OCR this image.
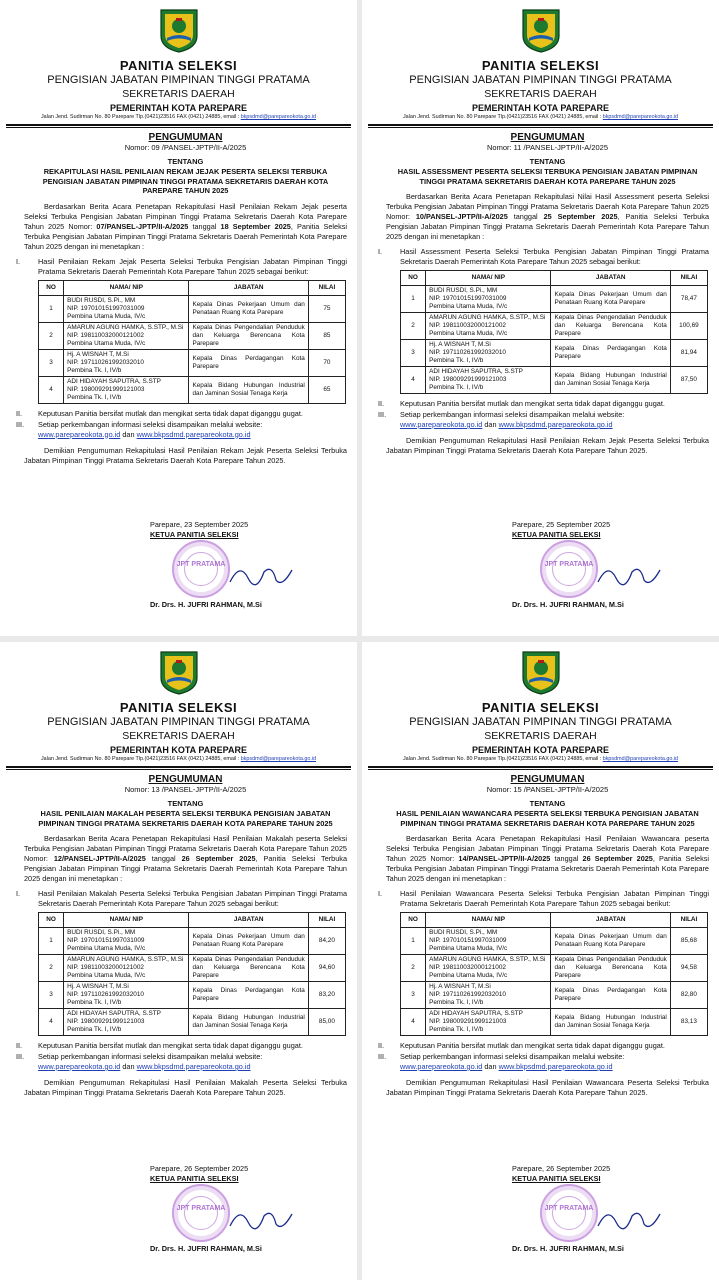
PANITIA SELEKSI
PENGISIAN JABATAN PIMPINAN TINGGI PRATAMA
SEKRETARIS DAERAH
PEMERINTAH KOTA PAREPARE
Jalan Jend. Sudirman No. 80 Parepare Tlp.(0421)23516 FAX (0421) 24885, email : bkpsdmd@parepareokota.go.id
PENGUMUMAN
Nomor: 09 /PANSEL-JPTP/II-A/2025
TENTANG
REKAPITULASI HASIL PENILAIAN REKAM JEJAK PESERTA SELEKSI TERBUKA PENGISIAN JABATAN PIMPINAN TINGGI PRATAMA SEKRETARIS DAERAH KOTA PAREPARE TAHUN 2025
Berdasarkan Berita Acara Penetapan Rekapitulasi Hasil Penilaian Rekam Jejak peserta Seleksi Terbuka Pengisian Jabatan Pimpinan Tinggi Pratama Sekretaris Daerah Kota Parepare Tahun 2025 Nomor: 07/PANSEL-JPTP/II-A/2025 tanggal 18 September 2025, Panitia Seleksi Terbuka Pengisian Jabatan Pimpinan Tinggi Pratama Sekretaris Daerah Pemerintah Kota Parepare Tahun 2025 dengan ini menetapkan :
I. Hasil Penilaian Rekam Jejak Peserta Seleksi Terbuka Pengisian Jabatan Pimpinan Tinggi Pratama Sekretaris Daerah Pemerintah Kota Parepare Tahun 2025 sebagai berikut:
NO	NAMA/ NIP	JABATAN	NILAI
1	BUDI RUSDI, S.Pi., MM
NIP. 197010151997031009
Pembina Utama Muda, IV/c	Kepala Dinas Pekerjaan Umum dan Penataan Ruang Kota Parepare	75
2	AMARUN AGUNG HAMKA, S.STP., M.Si
NIP. 198110032000121002
Pembina Utama Muda, IV/c	Kepala Dinas Pengendalian Penduduk dan Keluarga Berencana Kota Parepare	85
3	Hj. A WISNAH T, M.Si
NIP. 197110261992032010
Pembina Tk. I, IV/b	Kepala Dinas Perdagangan Kota Parepare	70
4	ADI HIDAYAH SAPUTRA, S.STP
NIP. 198009291999121003
Pembina Tk. I, IV/b	Kepala Bidang Hubungan Industrial dan Jaminan Sosial Tenaga Kerja	65
II. Keputusan Panitia bersifat mutlak dan mengikat serta tidak dapat diganggu gugat.
III. Setiap perkembangan informasi seleksi disampaikan melalui website:
www.parepareokota.go.id dan www.bkpsdmd.parepareokota.go.id
Demikian Pengumuman Rekapitulasi Hasil Penilaian Rekam Jejak Peserta Seleksi Terbuka Jabatan Pimpinan Tinggi Pratama Sekretaris Daerah Kota Parepare Tahun 2025.
Parepare, 23 September 2025
KETUA PANITIA SELEKSI
Dr. Drs. H. JUFRI RAHMAN, M.Si
JPT PRATAMA
PANITIA SELEKSI
PENGISIAN JABATAN PIMPINAN TINGGI PRATAMA
SEKRETARIS DAERAH
PEMERINTAH KOTA PAREPARE
Jalan Jend. Sudirman No. 80 Parepare Tlp.(0421)23516 FAX (0421) 24885, email : bkpsdmd@parepareokota.go.id
PENGUMUMAN
Nomor: 11 /PANSEL-JPTP/II-A/2025
TENTANG
HASIL ASSESSMENT PESERTA SELEKSI TERBUKA PENGISIAN JABATAN PIMPINAN TINGGI PRATAMA SEKRETARIS DAERAH KOTA PAREPARE TAHUN 2025
Berdasarkan Berita Acara Penetapan Rekapitulasi Nilai Hasil Assessment peserta Seleksi Terbuka Pengisian Jabatan Pimpinan Tinggi Pratama Sekretaris Daerah Kota Parepare Tahun 2025 Nomor: 10/PANSEL-JPTP/II-A/2025 tanggal 25 September 2025, Panitia Seleksi Terbuka Pengisian Jabatan Pimpinan Tinggi Pratama Sekretaris Daerah Pemerintah Kota Parepare Tahun 2025 dengan ini menetapkan :
I. Hasil Assessment Peserta Seleksi Terbuka Pengisian Jabatan Pimpinan Tinggi Pratama Sekretaris Daerah Pemerintah Kota Parepare Tahun 2025 sebagai berikut:
NO	NAMA/ NIP	JABATAN	NILAI
1	BUDI RUSDI, S.Pi., MM
NIP. 197010151997031009
Pembina Utama Muda, IV/c	Kepala Dinas Pekerjaan Umum dan Penataan Ruang Kota Parepare	78,47
2	AMARUN AGUNG HAMKA, S.STP., M.Si
NIP. 198110032000121002
Pembina Utama Muda, IV/c	Kepala Dinas Pengendalian Penduduk dan Keluarga Berencana Kota Parepare	100,69
3	Hj. A WISNAH T, M.Si
NIP. 197110261992032010
Pembina Tk. I, IV/b	Kepala Dinas Perdagangan Kota Parepare	81,94
4	ADI HIDAYAH SAPUTRA, S.STP
NIP. 198009291999121003
Pembina Tk. I, IV/b	Kepala Bidang Hubungan Industrial dan Jaminan Sosial Tenaga Kerja	87,50
II. Keputusan Panitia bersifat mutlak dan mengikat serta tidak dapat diganggu gugat.
III. Setiap perkembangan informasi seleksi disampaikan melalui website:
www.parepareokota.go.id dan www.bkpsdmd.parepareokota.go.id
Demikian Pengumuman Rekapitulasi Hasil Penilaian Rekam Jejak Peserta Seleksi Terbuka Jabatan Pimpinan Tinggi Pratama Sekretaris Daerah Kota Parepare Tahun 2025.
Parepare, 25 September 2025
KETUA PANITIA SELEKSI
Dr. Drs. H. JUFRI RAHMAN, M.Si
JPT PRATAMA
PANITIA SELEKSI
PENGISIAN JABATAN PIMPINAN TINGGI PRATAMA
SEKRETARIS DAERAH
PEMERINTAH KOTA PAREPARE
Jalan Jend. Sudirman No. 80 Parepare Tlp.(0421)23516 FAX (0421) 24885, email : bkpsdmd@parepareokota.go.id
PENGUMUMAN
Nomor: 13 /PANSEL-JPTP/II-A/2025
TENTANG
HASIL PENILAIAN MAKALAH PESERTA SELEKSI TERBUKA PENGISIAN JABATAN PIMPINAN TINGGI PRATAMA SEKRETARIS DAERAH KOTA PAREPARE TAHUN 2025
Berdasarkan Berita Acara Penetapan Rekapitulasi Hasil Penilaian Makalah peserta Seleksi Terbuka Pengisian Jabatan Pimpinan Tinggi Pratama Sekretaris Daerah Kota Parepare Tahun 2025 Nomor: 12/PANSEL-JPTP/II-A/2025 tanggal 26 September 2025, Panitia Seleksi Terbuka Pengisian Jabatan Pimpinan Tinggi Pratama Sekretaris Daerah Pemerintah Kota Parepare Tahun 2025 dengan ini menetapkan :
I. Hasil Penilaian Makalah Peserta Seleksi Terbuka Pengisian Jabatan Pimpinan Tinggi Pratama Sekretaris Daerah Pemerintah Kota Parepare Tahun 2025 sebagai berikut:
NO	NAMA/ NIP	JABATAN	NILAI
1	BUDI RUSDI, S.Pi., MM
NIP. 197010151997031009
Pembina Utama Muda, IV/c	Kepala Dinas Pekerjaan Umum dan Penataan Ruang Kota Parepare	84,20
2	AMARUN AGUNG HAMKA, S.STP., M.Si
NIP. 198110032000121002
Pembina Utama Muda, IV/c	Kepala Dinas Pengendalian Penduduk dan Keluarga Berencana Kota Parepare	94,60
3	Hj. A WISNAH T, M.Si
NIP. 197110261992032010
Pembina Tk. I, IV/b	Kepala Dinas Perdagangan Kota Parepare	83,20
4	ADI HIDAYAH SAPUTRA, S.STP
NIP. 198009291999121003
Pembina Tk. I, IV/b	Kepala Bidang Hubungan Industrial dan Jaminan Sosial Tenaga Kerja	85,00
II. Keputusan Panitia bersifat mutlak dan mengikat serta tidak dapat diganggu gugat.
III. Setiap perkembangan informasi seleksi disampaikan melalui website:
www.parepareokota.go.id dan www.bkpsdmd.parepareokota.go.id
Demikian Pengumuman Rekapitulasi Hasil Penilaian Makalah Peserta Seleksi Terbuka Jabatan Pimpinan Tinggi Pratama Sekretaris Daerah Kota Parepare Tahun 2025.
Parepare, 26 September 2025
KETUA PANITIA SELEKSI
Dr. Drs. H. JUFRI RAHMAN, M.Si
JPT PRATAMA
PANITIA SELEKSI
PENGISIAN JABATAN PIMPINAN TINGGI PRATAMA
SEKRETARIS DAERAH
PEMERINTAH KOTA PAREPARE
Jalan Jend. Sudirman No. 80 Parepare Tlp.(0421)23516 FAX (0421) 24885, email : bkpsdmd@parepareokota.go.id
PENGUMUMAN
Nomor: 15 /PANSEL-JPTP/II-A/2025
TENTANG
HASIL PENILAIAN WAWANCARA PESERTA SELEKSI TERBUKA PENGISIAN JABATAN PIMPINAN TINGGI PRATAMA SEKRETARIS DAERAH KOTA PAREPARE TAHUN 2025
Berdasarkan Berita Acara Penetapan Rekapitulasi Hasil Penilaian Wawancara peserta Seleksi Terbuka Pengisian Jabatan Pimpinan Tinggi Pratama Sekretaris Daerah Kota Parepare Tahun 2025 Nomor: 14/PANSEL-JPTP/II-A/2025 tanggal 26 September 2025, Panitia Seleksi Terbuka Pengisian Jabatan Pimpinan Tinggi Pratama Sekretaris Daerah Pemerintah Kota Parepare Tahun 2025 dengan ini menetapkan :
I. Hasil Penilaian Wawancara Peserta Seleksi Terbuka Pengisian Jabatan Pimpinan Tinggi Pratama Sekretaris Daerah Pemerintah Kota Parepare Tahun 2025 sebagai berikut:
NO	NAMA/ NIP	JABATAN	NILAI
1	BUDI RUSDI, S.Pi., MM
NIP. 197010151997031009
Pembina Utama Muda, IV/c	Kepala Dinas Pekerjaan Umum dan Penataan Ruang Kota Parepare	85,68
2	AMARUN AGUNG HAMKA, S.STP., M.Si
NIP. 198110032000121002
Pembina Utama Muda, IV/c	Kepala Dinas Pengendalian Penduduk dan Keluarga Berencana Kota Parepare	94,58
3	Hj. A WISNAH T, M.Si
NIP. 197110261992032010
Pembina Tk. I, IV/b	Kepala Dinas Perdagangan Kota Parepare	82,80
4	ADI HIDAYAH SAPUTRA, S.STP
NIP. 198009291999121003
Pembina Tk. I, IV/b	Kepala Bidang Hubungan Industrial dan Jaminan Sosial Tenaga Kerja	83,13
II. Keputusan Panitia bersifat mutlak dan mengikat serta tidak dapat diganggu gugat.
III. Setiap perkembangan informasi seleksi disampaikan melalui website:
www.parepareokota.go.id dan www.bkpsdmd.parepareokota.go.id
Demikian Pengumuman Rekapitulasi Hasil Penilaian Wawancara Peserta Seleksi Terbuka Jabatan Pimpinan Tinggi Pratama Sekretaris Daerah Kota Parepare Tahun 2025.
Parepare, 26 September 2025
KETUA PANITIA SELEKSI
Dr. Drs. H. JUFRI RAHMAN, M.Si
JPT PRATAMA
